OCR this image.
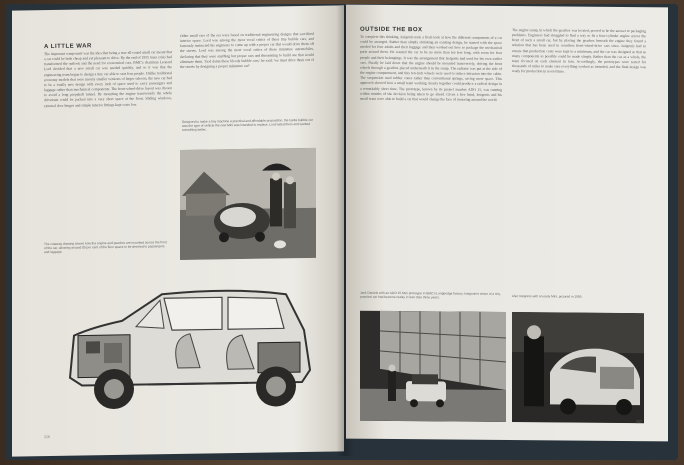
A LITTLE WAR
The important component was the idea that being a true all-round small car meant that a car could be both cheap and yet pleasant to drive. By the end of 1955 Suez crisis had transformed the outlook and the need for economical cars. BMC's chairman Leonard Lord decided that a new small car was needed quickly, and so it was that the engineering team began to design a tiny car able to seat four people. Unlike traditional economy models that were merely smaller versions of larger saloons, the new car had to be a totally new design with every inch of space used to carry passengers and luggage rather than mechanical components. The front-wheel-drive layout was chosen to avoid a long propshaft tunnel. By mounting the engine transversely the whole drivetrain could be packed into a very short space at the front. Sliding windows, external door hinges and simple interior fittings kept costs low.
Other small cars of the era were based on traditional engineering designs that sacrificed interior space. Lord was among the most vocal critics of these tiny bubble cars, and famously instructed his engineers to come up with a proper car that would drive them off the streets. Lord was among the most vocal critics of these miniature automobiles, declaring that they were anything but proper cars and threatening to build one that would eliminate them. 'God damn these bloody bubble cars,' he said; 'we must drive them out of the streets by designing a proper miniature car!'
Designed to make a tiny machine a practical and affordable proposition, the Isetta bubble car was the type of vehicle the new Mini was intended to replace. Lord hated them and wanted something better.
The cutaway drawing shows how the engine and gearbox are mounted across the front of the car, allowing around 80 per cent of the floor space to be devoted to passengers and luggage.
256
OUTSIDE THE BOX
To complete this thinking, Issigonis took a fresh look at how the different components of a car could be arranged. Rather than simply shrinking an existing design, he started with the space needed for four adults and their luggage and then worked out how to package the mechanical parts around them. He wanted the car to be no more than ten feet long, with room for four people and their belongings. It was the arrangement that Issigonis had used for his own earlier cars. Finally he laid down that the engine should be mounted transversely, driving the front wheels through a gearbox placed underneath it in the sump. The radiator was put at the side of the engine compartment, and tiny ten-inch wheels were used to reduce intrusion into the cabin. The suspension used rubber cones rather than conventional springs, saving more space. This approach showed how a small team working closely together could produce a radical design in a remarkably short time. The prototype, known by its project number ADO 15, was running within months of the decision being taken to go ahead. Given a free hand, Issigonis and his small team were able to build a car that would change the face of motoring around the world.
The engine sump, in which the gearbox was located, proved to be the answer to packaging problems. Engineers had struggled to find a way to fit a four-cylinder engine across the front of such a small car, but by placing the gearbox beneath the engine they found a solution that has been used in countless front-wheel-drive cars since. Issigonis had to ensure that production costs were kept to a minimum, and the car was designed so that as many components as possible could be made simply. Rather than the car as a whole, the team focused on each element in turn. Accordingly, the prototypes were tested for thousands of miles to make sure everything worked as intended, and the final design was ready for production in record time.
Jack Daniels with an ADO 15 Mini prototype in BMC's Longbridge factory. Issigonis's vision of a tiny, practical car had become reality in less than three years.	Alec Issigonis with an early Mini, pictured in 1959.
257
